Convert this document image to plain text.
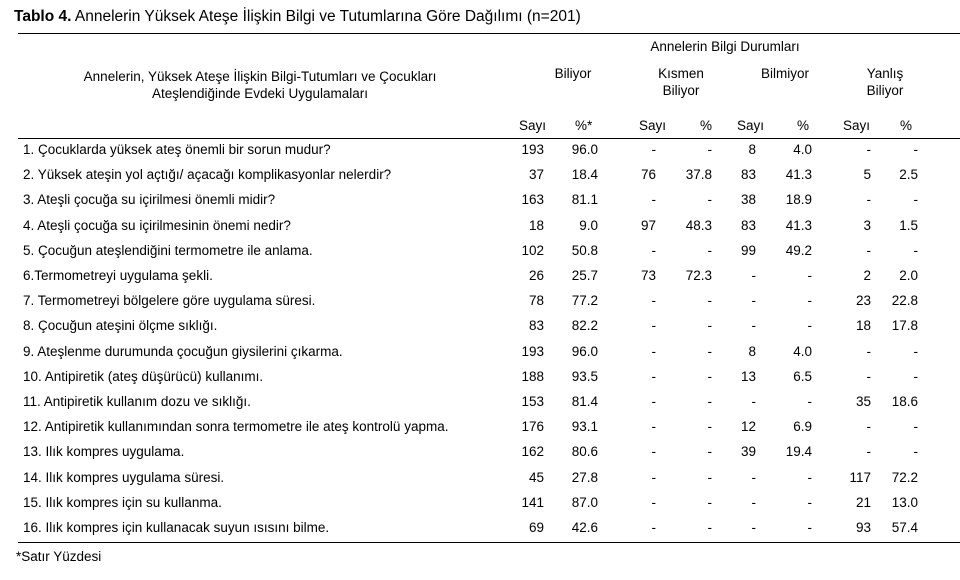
Tablo 4. Annelerin Yüksek Ateşe İlişkin Bilgi ve Tutumlarına Göre Dağılımı (n=201)
Annelerin, Yüksek Ateşe İlişkin Bilgi-Tutumları ve Çocukları
Ateşlendiğinde Evdeki Uygulamaları
Annelerin Bilgi Durumları
Biliyor	Kısmen
Biliyor
Bilmiyor	Yanlış
Biliyor
Sayı %*	Sayı	% Sayı %	Sayı %
1. Çocuklarda yüksek ateş önemli bir sorun mudur?	193 96.0	-	-	8	4.0	-	-
2. Yüksek ateşin yol açtığı/ açacağı komplikasyonlar nelerdir?	37 18.4	76 37.8 83 41.3	5 2.5
3. Ateşli çocuğa su içirilmesi önemli midir?	163 81.1	-	- 38 18.9	-	-
4. Ateşli çocuğa su içirilmesinin önemi nedir?	18	9.0	97 48.3 83 41.3	3 1.5
5. Çocuğun ateşlendiğini termometre ile anlama.	102 50.8	-	- 99 49.2	-	-
6.Termometreyi uygulama şekli.	26 25.7	73 72.3	-	-	2 2.0
7. Termometreyi bölgelere göre uygulama süresi.	78 77.2	-	-	-	-	23 22.8
8. Çocuğun ateşini ölçme sıklığı.	83 82.2	-	-	-	-	18 17.8
9. Ateşlenme durumunda çocuğun giysilerini çıkarma.	193 96.0	-	-	8	4.0	-	-
10. Antipiretik (ateş düşürücü) kullanımı.	188 93.5	-	- 13	6.5	-	-
11. Antipiretik kullanım dozu ve sıklığı.	153 81.4	-	-	-	-	35 18.6
12. Antipiretik kullanımından sonra termometre ile ateş kontrolü yapma.	176 93.1	-	- 12	6.9	-	-
13. Ilık kompres uygulama.	162 80.6	-	- 39 19.4	-	-
14. Ilık kompres uygulama süresi.	45 27.8	-	-	-	-	117 72.2
15. Ilık kompres için su kullanma.	141 87.0	-	-	-	-	21 13.0
16. Ilık kompres için kullanacak suyun ısısını bilme.	69 42.6	-	-	-	-	93 57.4
*Satır Yüzdesi
